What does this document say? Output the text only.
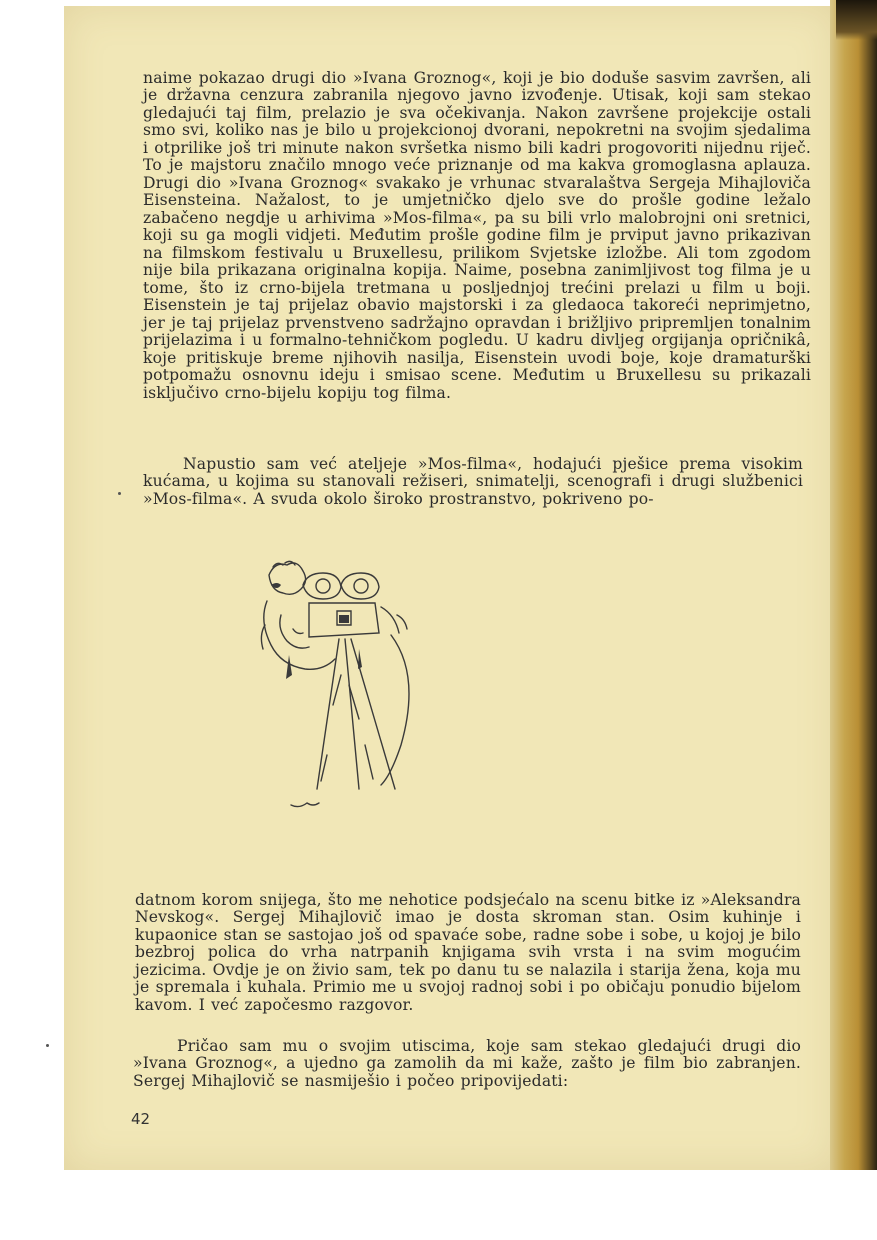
naime pokazao drugi dio »Ivana Groznog«, koji je bio doduše sasvim završen, ali je državna cenzura zabranila njegovo javno izvođenje. Utisak, koji sam stekao gledajući taj film, prelazio je sva očekivanja. Nakon završene projekcije ostali smo svi, koliko nas je bilo u projekcionoj dvorani, nepokretni na svojim sjedalima i otprilike još tri minute nakon svršetka nismo bili kadri progovoriti nijednu riječ. To je majstoru značilo mnogo veće priznanje od ma kakva gromoglasna aplauza. Drugi dio »Ivana Groznog« svakako je vrhunac stvaralaštva Sergeja Mihajloviča Eisensteina. Nažalost, to je umjetničko djelo sve do prošle godine ležalo zabačeno negdje u arhivima »Mos-filma«, pa su bili vrlo malobrojni oni sretnici, koji su ga mogli vidjeti. Međutim prošle godine film je prviput javno prikazivan na filmskom festivalu u Bruxellesu, prilikom Svjetske izložbe. Ali tom zgodom nije bila prikazana originalna kopija. Naime, posebna zanimljivost tog filma je u tome, što iz crno-bijela tretmana u posljednjoj trećini prelazi u film u boji. Eisenstein je taj prijelaz obavio majstorski i za gledaoca takoreći neprimjetno, jer je taj prijelaz prvenstveno sadržajno opravdan i brižljivo pripremljen tonalnim prijelazima i u formalno-tehničkom pogledu. U kadru divljeg orgijanja opričnikâ, koje pritiskuje breme njihovih nasilja, Eisenstein uvodi boje, koje dramaturški potpomažu osnovnu ideju i smisao scene. Međutim u Bruxellesu su prikazali isključivo crno-bijelu kopiju tog filma.

Napustio sam već ateljeje »Mos-filma«, hodajući pješice prema visokim kućama, u kojima su stanovali režiseri, snimatelji, scenografi i drugi službenici »Mos-filma«. A svuda okolo široko prostranstvo, pokriveno po-

datnom korom snijega, što me nehotice podsjećalo na scenu bitke iz »Aleksandra Nevskog«. Sergej Mihajlovič imao je dosta skroman stan. Osim kuhinje i kupaonice stan se sastojao još od spavaće sobe, radne sobe i sobe, u kojoj je bilo bezbroj polica do vrha natrpanih knjigama svih vrsta i na svim mogućim jezicima. Ovdje je on živio sam, tek po danu tu se nalazila i starija žena, koja mu je spremala i kuhala. Primio me u svojoj radnoj sobi i po običaju ponudio bijelom kavom. I već započesmo razgovor.

Pričao sam mu o svojim utiscima, koje sam stekao gledajući drugi dio »Ivana Groznog«, a ujedno ga zamolih da mi kaže, zašto je film bio zabranjen. Sergej Mihajlovič se nasmiješio i počeo pripovijedati:

42
